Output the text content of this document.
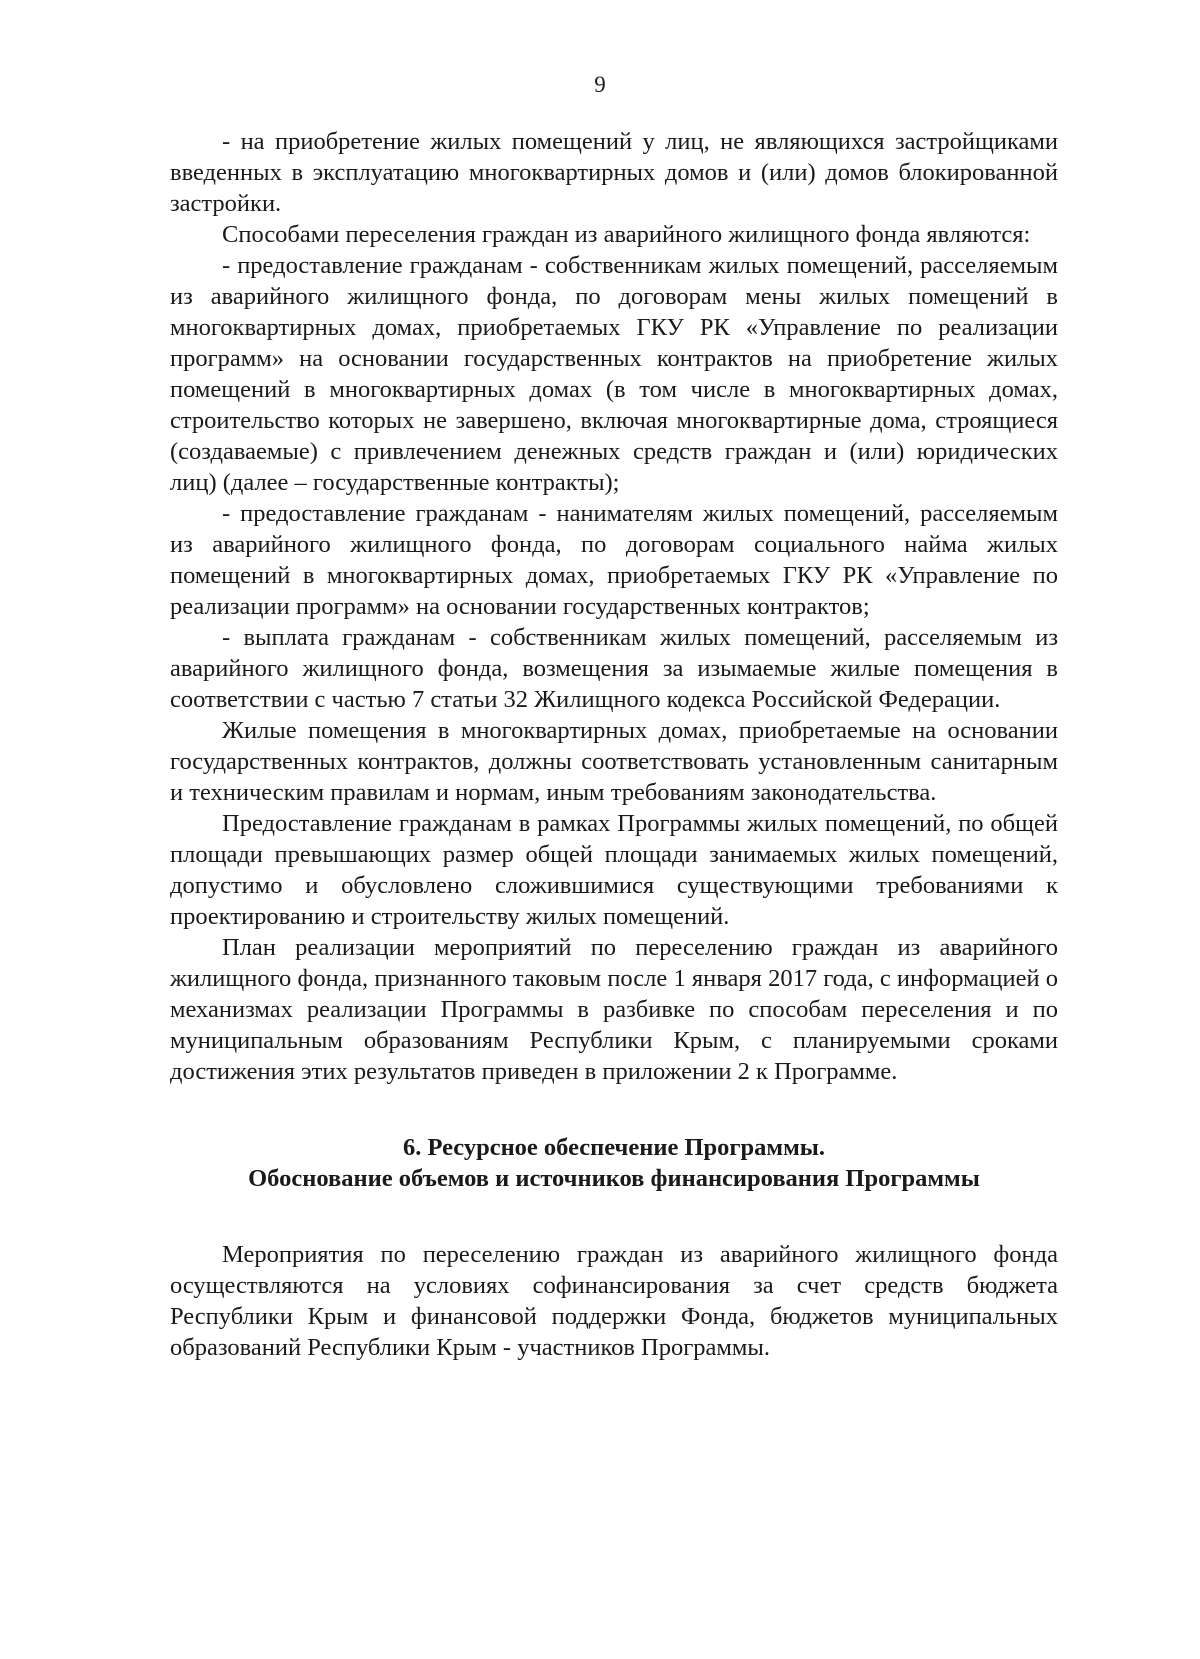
9

- на приобретение жилых помещений у лиц, не являющихся застройщиками введенных в эксплуатацию многоквартирных домов и (или) домов блокированной застройки.

Способами переселения граждан из аварийного жилищного фонда являются:

- предоставление гражданам - собственникам жилых помещений, расселяемым из аварийного жилищного фонда, по договорам мены жилых помещений в многоквартирных домах, приобретаемых ГКУ РК «Управление по реализации программ» на основании государственных контрактов на приобретение жилых помещений в многоквартирных домах (в том числе в многоквартирных домах, строительство которых не завершено, включая многоквартирные дома, строящиеся (создаваемые) с привлечением денежных средств граждан и (или) юридических лиц) (далее – государственные контракты);

- предоставление гражданам - нанимателям жилых помещений, расселяемым из аварийного жилищного фонда, по договорам социального найма жилых помещений в многоквартирных домах, приобретаемых ГКУ РК «Управление по реализации программ» на основании государственных контрактов;

- выплата гражданам - собственникам жилых помещений, расселяемым из аварийного жилищного фонда, возмещения за изымаемые жилые помещения в соответствии с частью 7 статьи 32 Жилищного кодекса Российской Федерации.

Жилые помещения в многоквартирных домах, приобретаемые на основании государственных контрактов, должны соответствовать установленным санитарным и техническим правилам и нормам, иным требованиям законодательства.

Предоставление гражданам в рамках Программы жилых помещений, по общей площади превышающих размер общей площади занимаемых жилых помещений, допустимо и обусловлено сложившимися существующими требованиями к проектированию и строительству жилых помещений.

План реализации мероприятий по переселению граждан из аварийного жилищного фонда, признанного таковым после 1 января 2017 года, с информацией о механизмах реализации Программы в разбивке по способам переселения и по муниципальным образованиям Республики Крым, с планируемыми сроками достижения этих результатов приведен в приложении 2 к Программе.

6. Ресурсное обеспечение Программы.
Обоснование объемов и источников финансирования Программы

Мероприятия по переселению граждан из аварийного жилищного фонда осуществляются на условиях софинансирования за счет средств бюджета Республики Крым и финансовой поддержки Фонда, бюджетов муниципальных образований Республики Крым - участников Программы.
